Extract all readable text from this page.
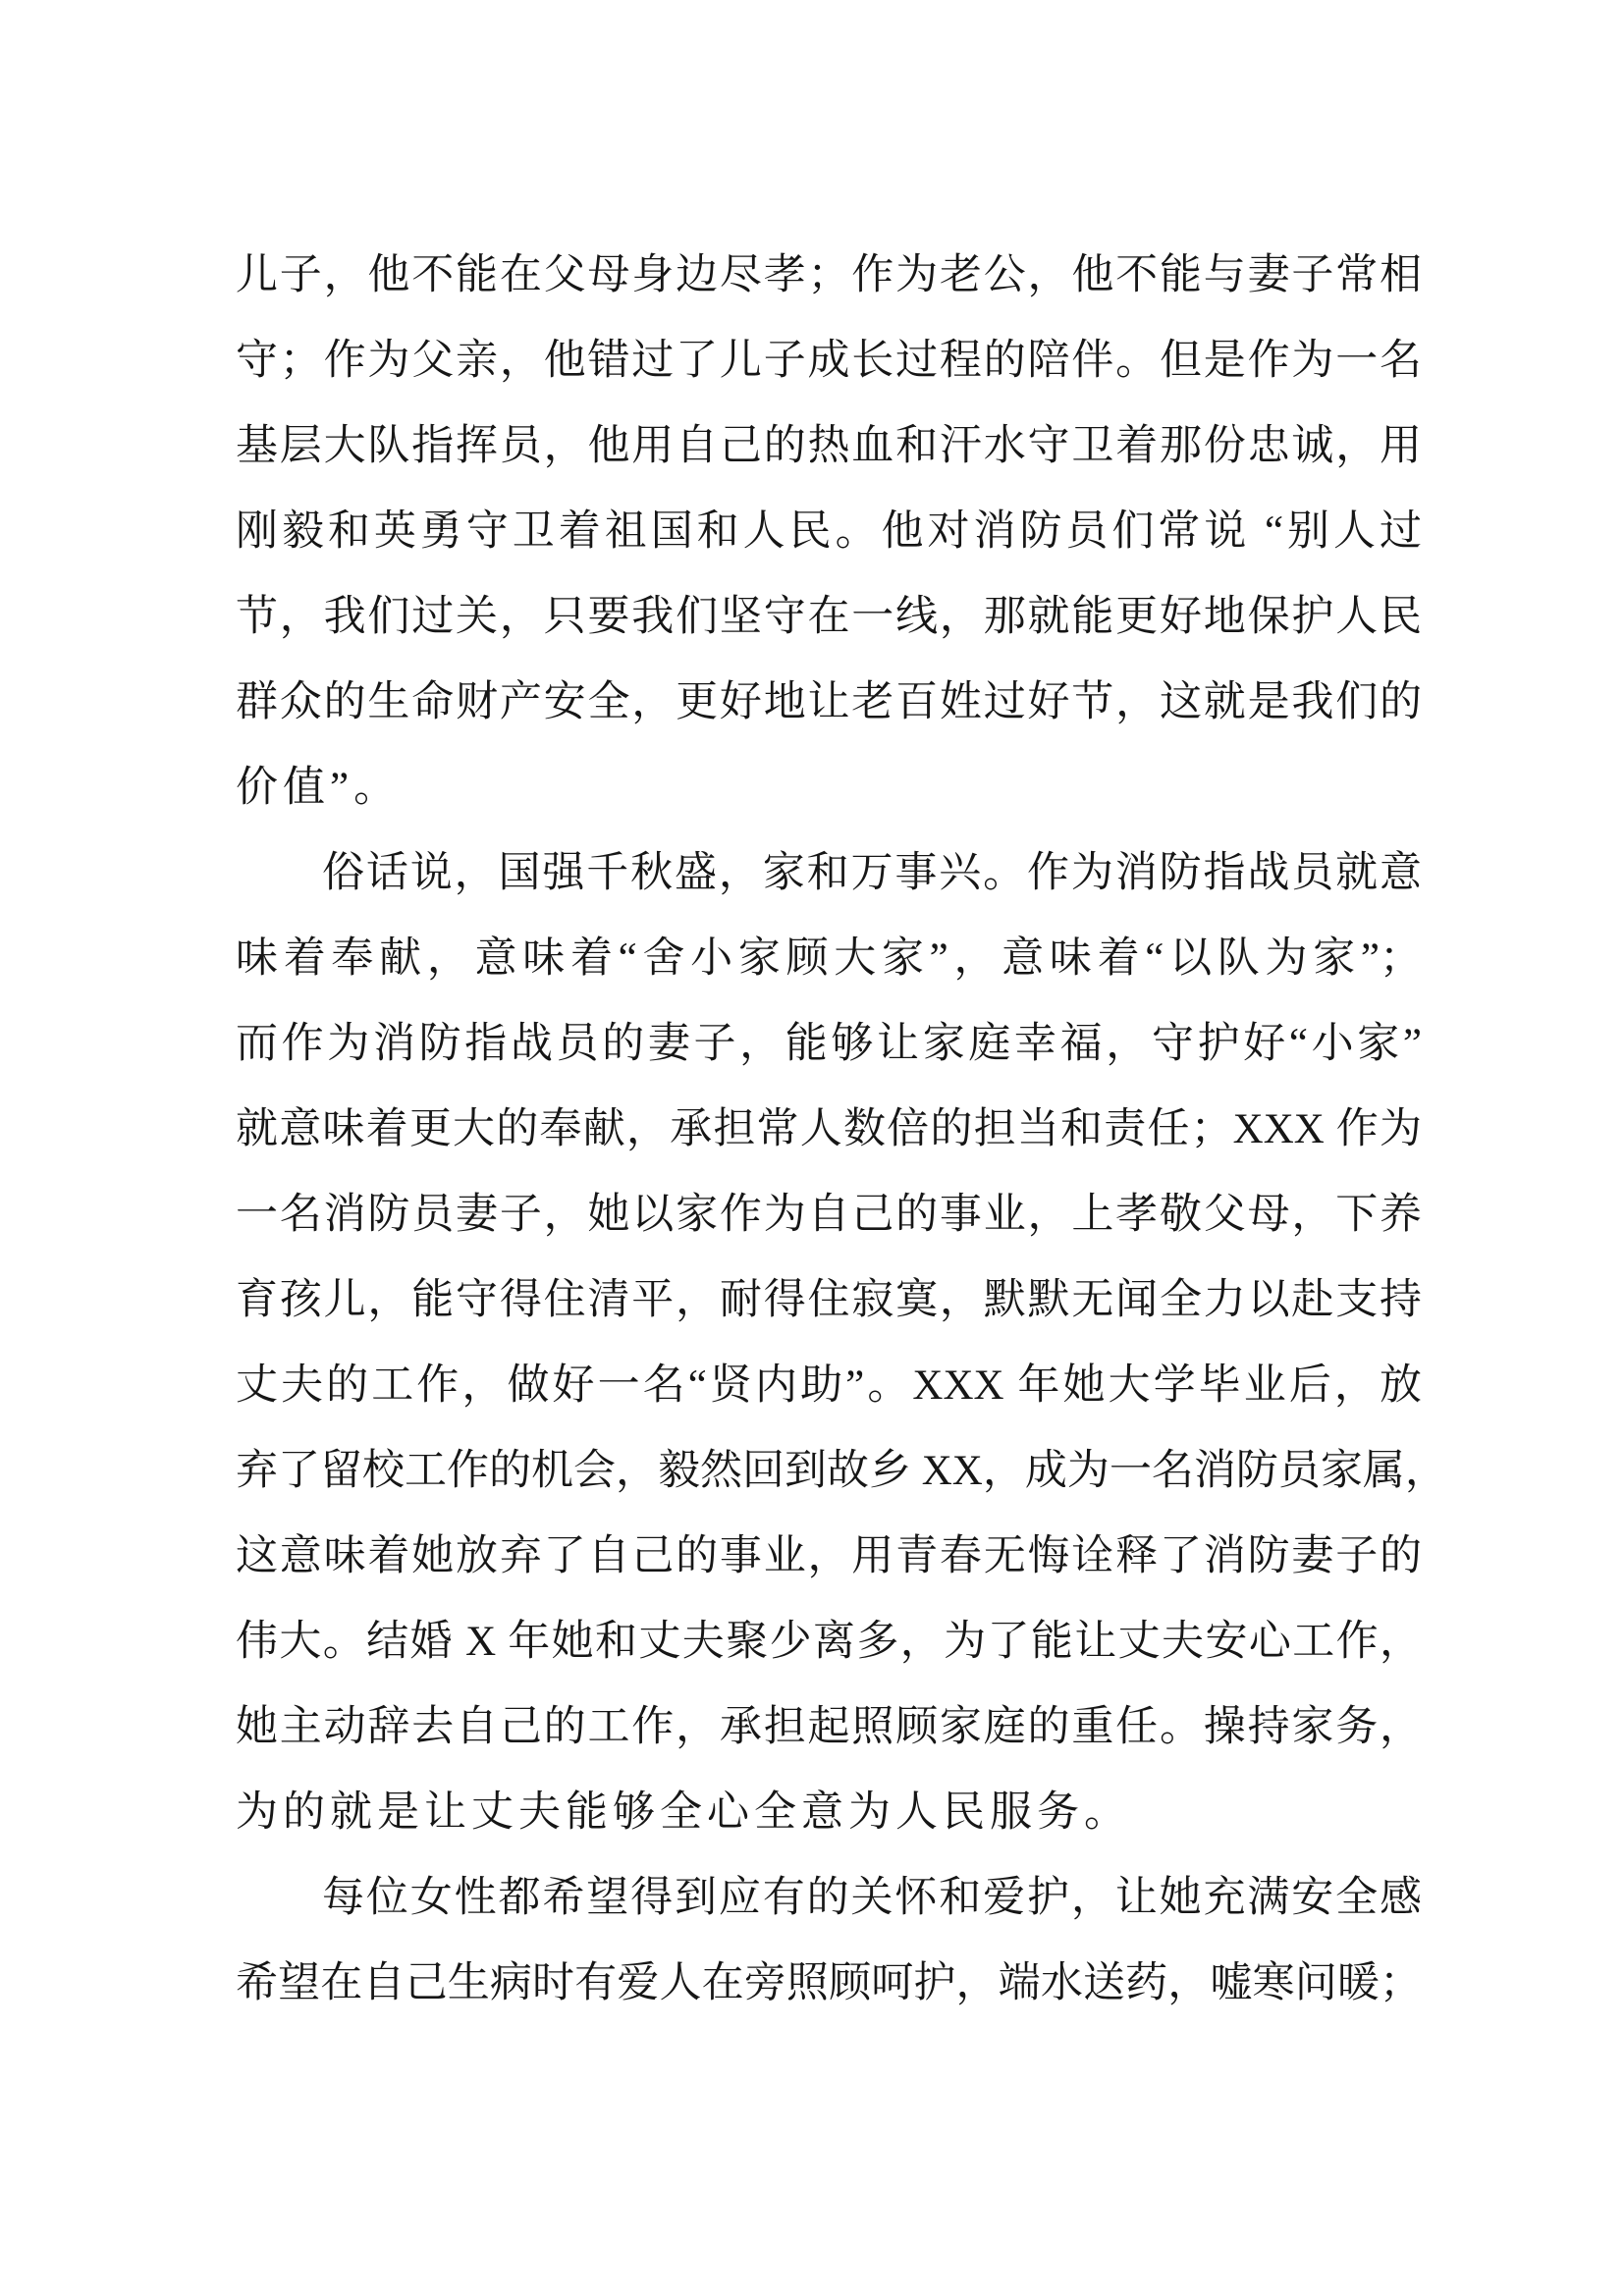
儿子，他不能在父母身边尽孝；作为老公，他不能与妻子常相
守；作为父亲，他错过了儿子成长过程的陪伴。但是作为一名
基层大队指挥员，他用自己的热血和汗水守卫着那份忠诚，用
刚毅和英勇守卫着祖国和人民。他对消防员们常说 “别人过
节，我们过关，只要我们坚守在一线，那就能更好地保护人民
群众的生命财产安全，更好地让老百姓过好节，这就是我们的
价值”。
俗话说，国强千秋盛，家和万事兴。作为消防指战员就意
味着奉献，意味着“舍小家顾大家”，意味着“以队为家”；
而作为消防指战员的妻子，能够让家庭幸福，守护好“小家”
就意味着更大的奉献，承担常人数倍的担当和责任；XXX 作为
一名消防员妻子，她以家作为自己的事业，上孝敬父母，下养
育孩儿，能守得住清平，耐得住寂寞，默默无闻全力以赴支持
丈夫的工作，做好一名“贤内助”。XXX 年她大学毕业后，放
弃了留校工作的机会，毅然回到故乡 XX，成为一名消防员家属，
这意味着她放弃了自己的事业，用青春无悔诠释了消防妻子的
伟大。结婚 X 年她和丈夫聚少离多，为了能让丈夫安心工作，
她主动辞去自己的工作，承担起照顾家庭的重任。操持家务，
为的就是让丈夫能够全心全意为人民服务。
每位女性都希望得到应有的关怀和爱护，让她充满安全感
希望在自己生病时有爱人在旁照顾呵护，端水送药，嘘寒问暖；
